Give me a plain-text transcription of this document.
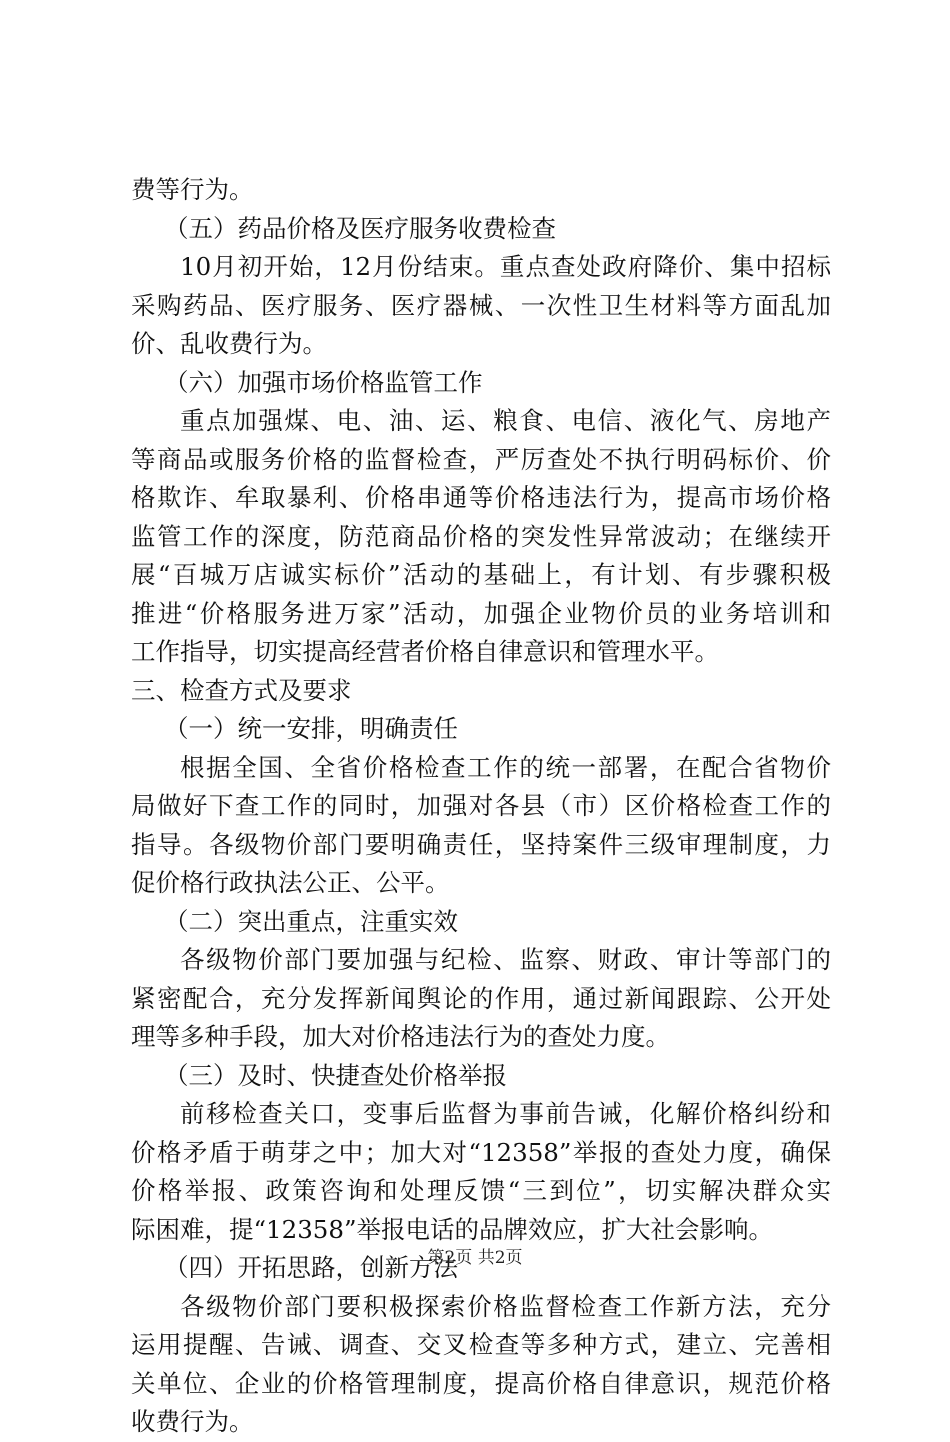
费等行为。
（五）药品价格及医疗服务收费检查
10月初开始，12月份结束。重点查处政府降价、集中招标
采购药品、医疗服务、医疗器械、一次性卫生材料等方面乱加
价、乱收费行为。
（六）加强市场价格监管工作
重点加强煤、电、油、运、粮食、电信、液化气、房地产
等商品或服务价格的监督检查，严厉查处不执行明码标价、价
格欺诈、牟取暴利、价格串通等价格违法行为，提高市场价格
监管工作的深度，防范商品价格的突发性异常波动；在继续开
展“百城万店诚实标价”活动的基础上，有计划、有步骤积极
推进“价格服务进万家”活动，加强企业物价员的业务培训和
工作指导，切实提高经营者价格自律意识和管理水平。
三、检查方式及要求
（一）统一安排，明确责任
根据全国、全省价格检查工作的统一部署，在配合省物价
局做好下查工作的同时，加强对各县（市）区价格检查工作的
指导。各级物价部门要明确责任，坚持案件三级审理制度，力
促价格行政执法公正、公平。
（二）突出重点，注重实效
各级物价部门要加强与纪检、监察、财政、审计等部门的
紧密配合，充分发挥新闻舆论的作用，通过新闻跟踪、公开处
理等多种手段，加大对价格违法行为的查处力度。
（三）及时、快捷查处价格举报
前移检查关口，变事后监督为事前告诫，化解价格纠纷和
价格矛盾于萌芽之中；加大对“12358”举报的查处力度，确保
价格举报、政策咨询和处理反馈“三到位”，切实解决群众实
际困难，提“12358”举报电话的品牌效应，扩大社会影响。
（四）开拓思路，创新方法
各级物价部门要积极探索价格监督检查工作新方法，充分
运用提醒、告诫、调查、交叉检查等多种方式，建立、完善相
关单位、企业的价格管理制度，提高价格自律意识，规范价格
收费行为。
第2页 共2页
